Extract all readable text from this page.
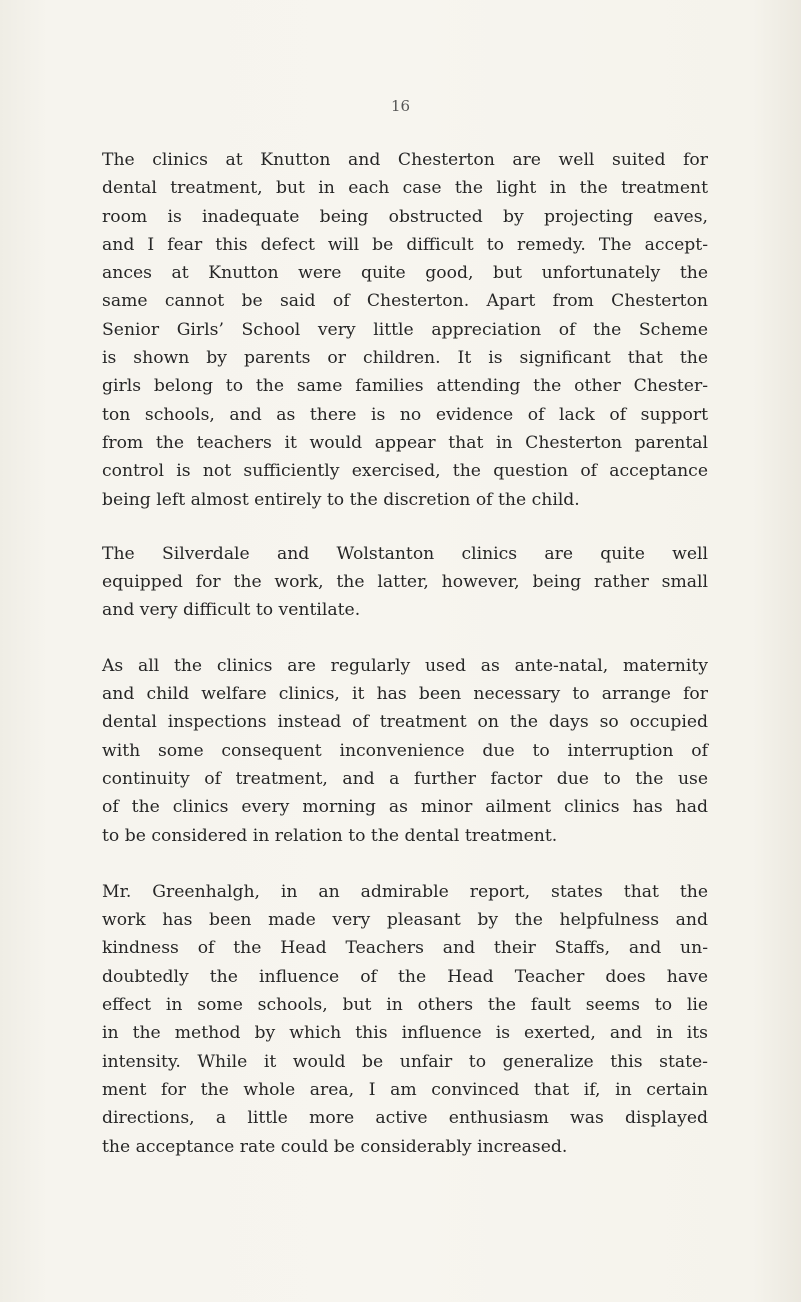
16

The clinics at Knutton and Chesterton are well suited for
dental treatment, but in each case the light in the treatment
room is inadequate being obstructed by projecting eaves,
and I fear this defect will be difficult to remedy. The accept-
ances at Knutton were quite good, but unfortunately the
same cannot be said of Chesterton. Apart from Chesterton
Senior Girls’ School very little appreciation of the Scheme
is shown by parents or children. It is significant that the
girls belong to the same families attending the other Chester-
ton schools, and as there is no evidence of lack of support
from the teachers it would appear that in Chesterton parental
control is not sufficiently exercised, the question of acceptance
being left almost entirely to the discretion of the child.

The Silverdale and Wolstanton clinics are quite well
equipped for the work, the latter, however, being rather small
and very difficult to ventilate.

As all the clinics are regularly used as ante-natal, maternity
and child welfare clinics, it has been necessary to arrange for
dental inspections instead of treatment on the days so occupied
with some consequent inconvenience due to interruption of
continuity of treatment, and a further factor due to the use
of the clinics every morning as minor ailment clinics has had
to be considered in relation to the dental treatment.

Mr. Greenhalgh, in an admirable report, states that the
work has been made very pleasant by the helpfulness and
kindness of the Head Teachers and their Staffs, and un-
doubtedly the influence of the Head Teacher does have
effect in some schools, but in others the fault seems to lie
in the method by which this influence is exerted, and in its
intensity. While it would be unfair to generalize this state-
ment for the whole area, I am convinced that if, in certain
directions, a little more active enthusiasm was displayed
the acceptance rate could be considerably increased.
